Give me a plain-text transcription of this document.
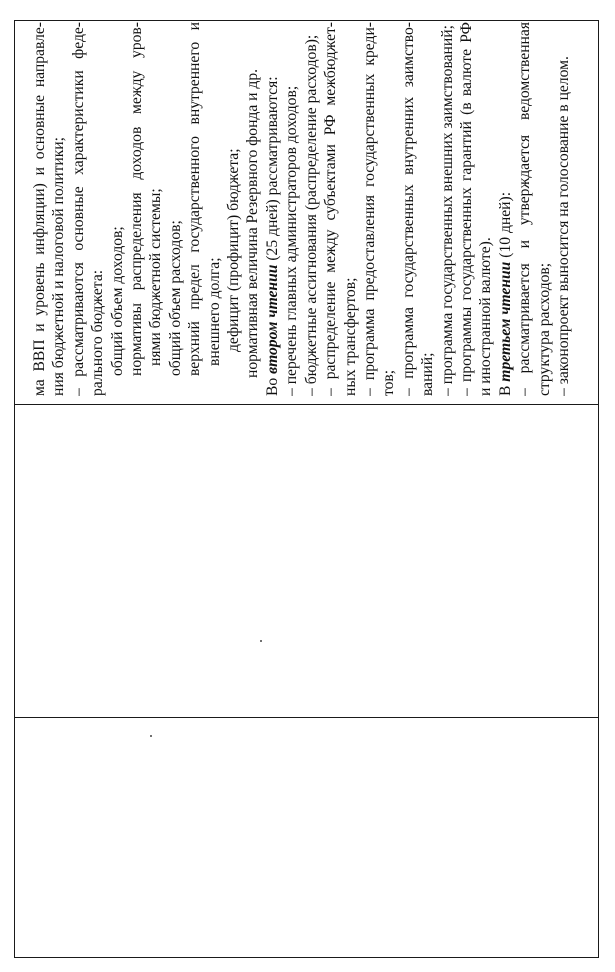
ма ВВП и уровень инфляции) и основные направле- ния бюджетной и налоговой политики; – рассматриваются основные характеристики феде- рального бюджета: общий объем доходов; нормативы распределения доходов между уров- нями бюджетной системы; общий объем расходов; верхний предел государственного внутреннего и внешнего долга; дефицит (профицит) бюджета; нормативная величина Резервного фонда и др.

Во втором чтении (25 дней) рассматриваются: – перечень главных администраторов доходов; – бюджетные ассигнования (распределение расходов); – распределение между субъектами РФ межбюджет- ных трансфертов; – программа предоставления государственных креди- тов; – программа государственных внутренних заимство- ваний; – программа государственных внешних заимствований; – программы государственных гарантий (в валюте РФ и иностранной валюте). В третьем чтении (10 дней): – рассматривается и утверждается ведомственная структура расходов; – законопроект выносится на голосование в целом.
